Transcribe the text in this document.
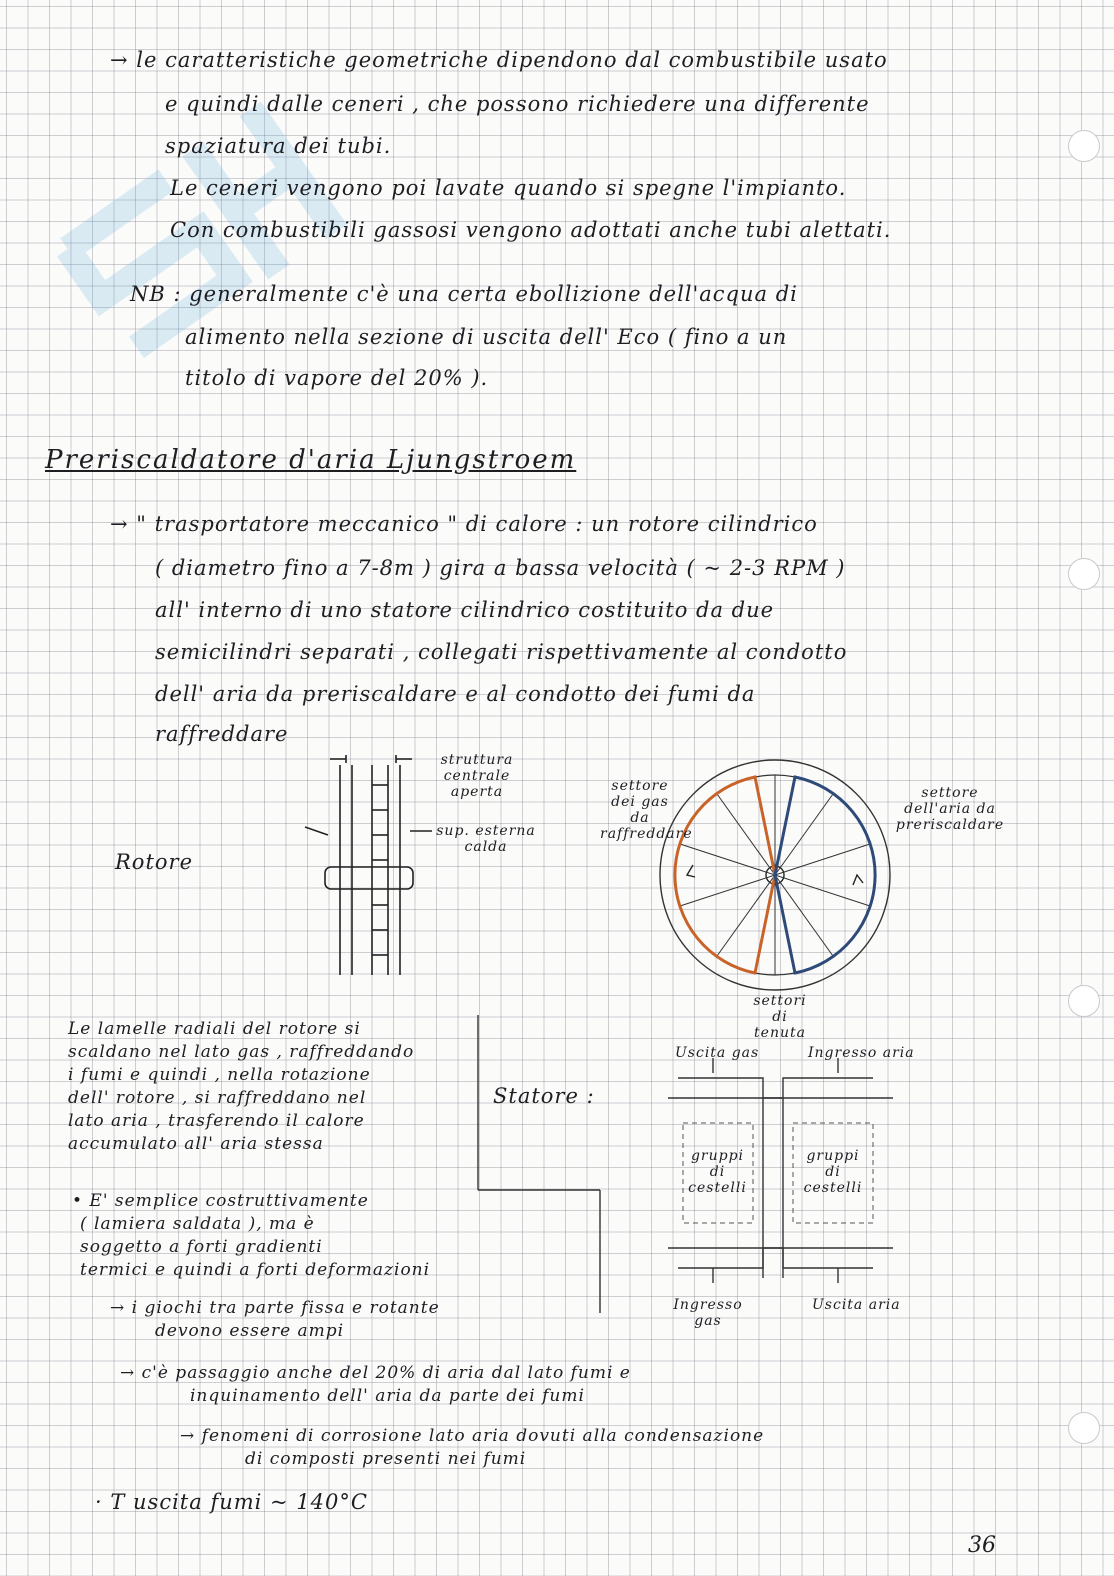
→ le caratteristiche geometriche dipendono dal combustibile usato
e quindi dalle ceneri , che possono richiedere una differente
spaziatura dei tubi.
Le ceneri vengono poi lavate quando si spegne l'impianto.
Con combustibili gassosi vengono adottati anche tubi alettati.
NB : generalmente c'è una certa ebollizione dell'acqua di
alimento nella sezione di uscita dell' Eco ( fino a un
titolo di vapore del 20% ).
Preriscaldatore d'aria Ljungstroem
→ " trasportatore meccanico " di calore : un rotore cilindrico
( diametro fino a 7-8m ) gira a bassa velocità ( ~ 2-3 RPM )
all' interno di uno statore cilindrico costituito da due
semicilindri separati , collegati rispettivamente al condotto
dell' aria da preriscaldare e al condotto dei fumi da
raffreddare
Rotore
struttura centrale aperta
sup. esterna calda
settore dei gas da raffreddare
settore dell'aria da preriscaldare
settori di tenuta
Le lamelle radiali del rotore si
scaldano nel lato gas , raffreddando
i fumi e quindi , nella rotazione
dell' rotore , si raffreddano nel
lato aria , trasferendo il calore
accumulato all' aria stessa
Statore :
Uscita gas	Ingresso aria
gruppi di cestelli
gruppi di cestelli
Ingresso gas
Uscita aria
• E' semplice costruttivamente
( lamiera saldata ), ma è
soggetto a forti gradienti
termici e quindi a forti deformazioni
→ i giochi tra parte fissa e rotante
devono essere ampi
→ c'è passaggio anche del 20% di aria dal lato fumi e
inquinamento dell' aria da parte dei fumi
→ fenomeni di corrosione lato aria dovuti alla condensazione
di composti presenti nei fumi
· T uscita fumi ~ 140°C
36
